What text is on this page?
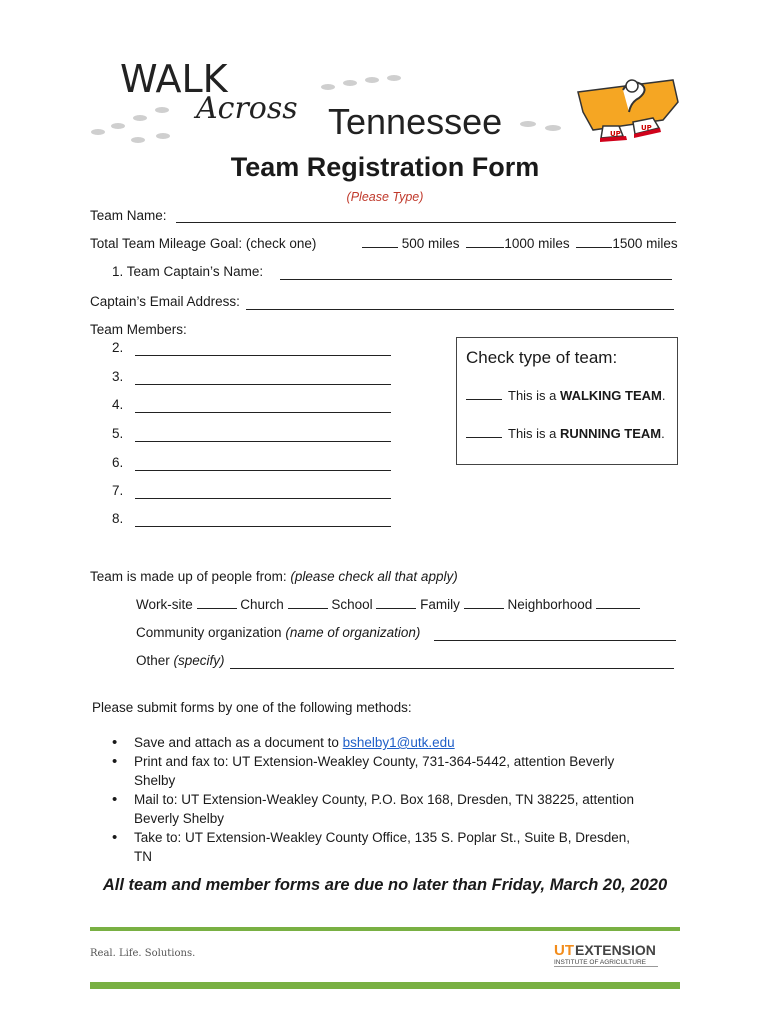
WALK
Across Tennessee	UP
UP
Team Registration Form
(Please Type)
Team Name:
Total Team Mileage Goal: (check one)	500 miles	1000 miles	1500 miles
1. Team Captain’s Name:
Captain’s Email Address:
Team Members:
2.
3.
4.
5.
6.
7.
8.
Check type of team:
This is a WALKING TEAM.
This is a RUNNING TEAM.
Team is made up of people from: (please check all that apply)
Work-site	Church	School	Family	Neighborhood
Community organization (name of organization)
Other (specify)
Please submit forms by one of the following methods:
• Save and attach as a document to bshelby1@utk.edu
• Print and fax to: UT Extension-Weakley County, 731-364-5442, attention Beverly Shelby
• Mail to: UT Extension-Weakley County, P.O. Box 168, Dresden, TN 38225, attention Beverly Shelby
• Take to: UT Extension-Weakley County Office, 135 S. Poplar St., Suite B, Dresden, TN
All team and member forms are due no later than Friday, March 20, 2020
Real. Life. Solutions.	UT EXTENSION
INSTITUTE OF AGRICULTURE
